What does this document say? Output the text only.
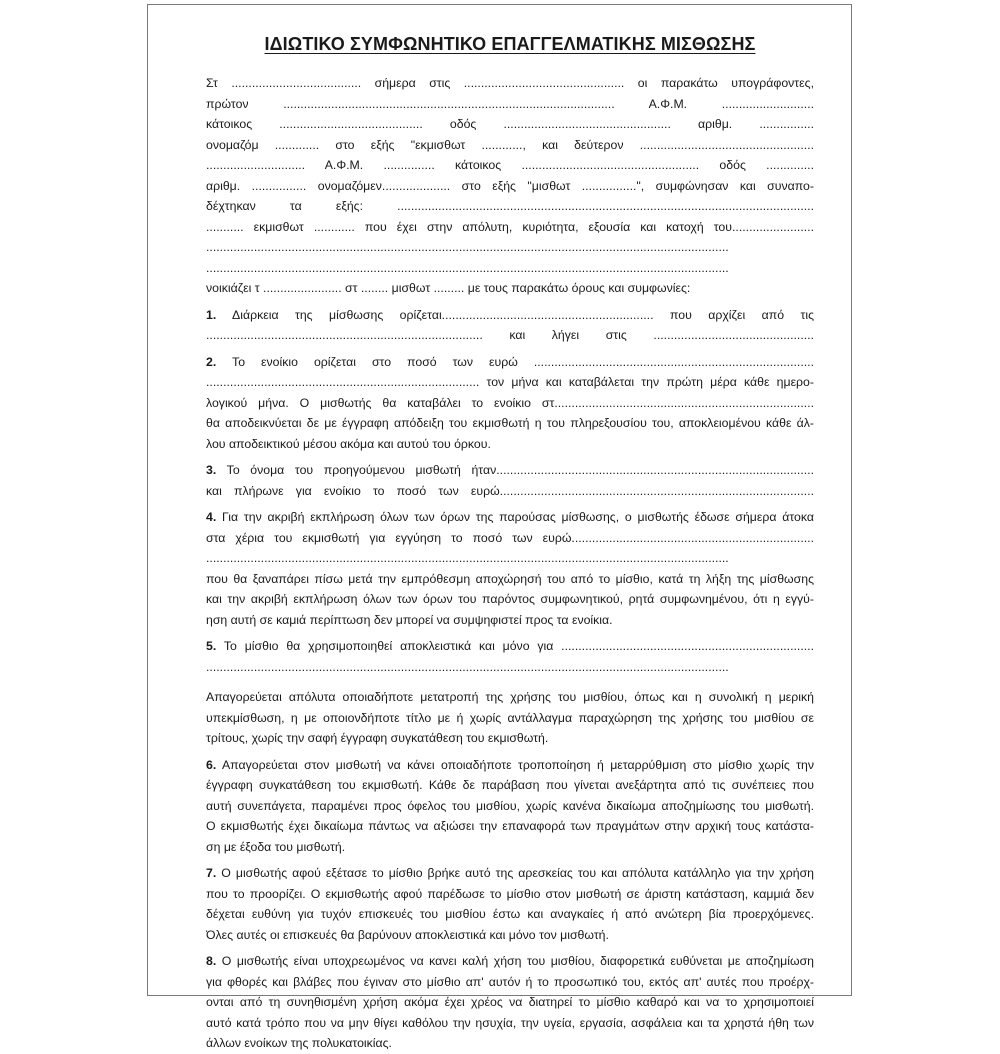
ΙΔΙΩΤΙΚΟ ΣΥΜΦΩΝΗΤΙΚΟ ΕΠΑΓΓΕΛΜΑΤΙΚΗΣ ΜΙΣΘΩΣΗΣ
Στ ...................................... σήμερα στις ............................................... οι παρακάτω υπογράφοντες,
πρώτον ................................................................................................. Α.Φ.Μ. ...........................
κάτοικος .......................................... οδός ................................................. αριθμ. ................
ονομαζόμ ............. στο εξής "εκμισθωτ ............, και δεύτερον ...................................................
............................. Α.Φ.Μ. ............... κάτοικος .................................................... οδός ..............
αριθμ. ................ ονομαζόμεν.................... στο εξής "μισθωτ ................", συμφώνησαν και συναπο-
δέχτηκαν τα εξής: ..........................................................................................................................
........... εκμισθωτ ............ που έχει στην απόλυτη, κυριότητα, εξουσία και κατοχή του........................
.........................................................................................................................................................
.........................................................................................................................................................
νοικιάζει τ ....................... στ ........ μισθωτ ......... με τους παρακάτω όρους και συμφωνίες:
1. Διάρκεια της μίσθωσης ορίζεται.............................................................. που αρχίζει από τις
................................................................................. και λήγει στις ...............................................
2. Το ενοίκιο ορίζεται στο ποσό των ευρώ ..................................................................................
................................................................................ τον μήνα και καταβάλεται την πρώτη μέρα κάθε ημερο-
λογικού μήνα. Ο μισθωτής θα καταβάλει το ενοίκιο στ............................................................................
θα αποδεικνύεται δε με έγγραφη απόδειξη του εκμισθωτή η του πληρεξουσίου του, αποκλειομένου κάθε άλ-
λου αποδεικτικού μέσου ακόμα και αυτού του όρκου.
3. Το όνομα του προηγούμενου μισθωτή ήταν.............................................................................................
και πλήρωνε για ενοίκιο το ποσό των ευρώ............................................................................................
4. Για την ακριβή εκπλήρωση όλων των όρων της παρούσας μίσθωσης, ο μισθωτής έδωσε σήμερα άτοκα
στα χέρια του εκμισθωτή για εγγύηση το ποσό των ευρώ.......................................................................
.........................................................................................................................................................
που θα ξαναπάρει πίσω μετά την εμπρόθεσμη αποχώρησή του από το μίσθιο, κατά τη λήξη της μίσθωσης
και την ακριβή εκπλήρωση όλων των όρων του παρόντος συμφωνητικού, ρητά συμφωνημένου, ότι η εγγύ-
ηση αυτή σε καμιά περίπτωση δεν μπορεί να συμψηφιστεί προς τα ενοίκια.
5. Το μίσθιο θα χρησιμοποιηθεί αποκλειστικά και μόνο για ..........................................................................
.........................................................................................................................................................
Απαγορεύεται απόλυτα οποιαδήποτε μετατροπή της χρήσης του μισθίου, όπως και η συνολική η μερική
υπεκμίσθωση, η με οποιονδήποτε τίτλο με ή χωρίς αντάλλαγμα παραχώρηση της χρήσης του μισθίου σε
τρίτους, χωρίς την σαφή έγγραφη συγκατάθεση του εκμισθωτή.
6. Απαγορεύεται στον μισθωτή να κάνει οποιαδήποτε τροποποίηση ή μεταρρύθμιση στο μίσθιο χωρίς την
έγγραφη συγκατάθεση του εκμισθωτή. Κάθε δε παράβαση που γίνεται ανεξάρτητα από τις συνέπειες που
αυτή συνεπάγετα, παραμένει προς όφελος του μισθίου, χωρίς κανένα δικαίωμα αποζημίωσης του μισθωτή.
Ο εκμισθωτής έχει δικαίωμα πάντως να αξιώσει την επαναφορά των πραγμάτων στην αρχική τους κατάστα-
ση με έξοδα του μισθωτή.
7. Ο μισθωτής αφού εξέτασε το μίσθιο βρήκε αυτό της αρεσκείας του και απόλυτα κατάλληλο για την χρήση
που το προορίζει. Ο εκμισθωτής αφού παρέδωσε το μίσθιο στον μισθωτή σε άριστη κατάσταση, καμμιά δεν
δέχεται ευθύνη για τυχόν επισκευές του μισθίου έστω και αναγκαίες ή από ανώτερη βία προερχόμενες.
Όλες αυτές οι επισκευές θα βαρύνουν αποκλειστικά και μόνο τον μισθωτή.
8. Ο μισθωτής είναι υποχρεωμένος να κανει καλή χήση του μισθίου, διαφορετικά ευθύνεται με αποζημίωση
για φθορές και βλάβες που έγιναν στο μίσθιο απ' αυτόν ή το προσωπικό του, εκτός απ' αυτές που προέρχ-
ονται από τη συνηθισμένη χρήση ακόμα έχει χρέος να διατηρεί το μίσθιο καθαρό και να το χρησιμοποιεί
αυτό κατά τρόπο που να μην θίγει καθόλου την ησυχία, την υγεία, εργασία, ασφάλεια και τα χρηστά ήθη των
άλλων ενοίκων της πολυκατοικίας.
